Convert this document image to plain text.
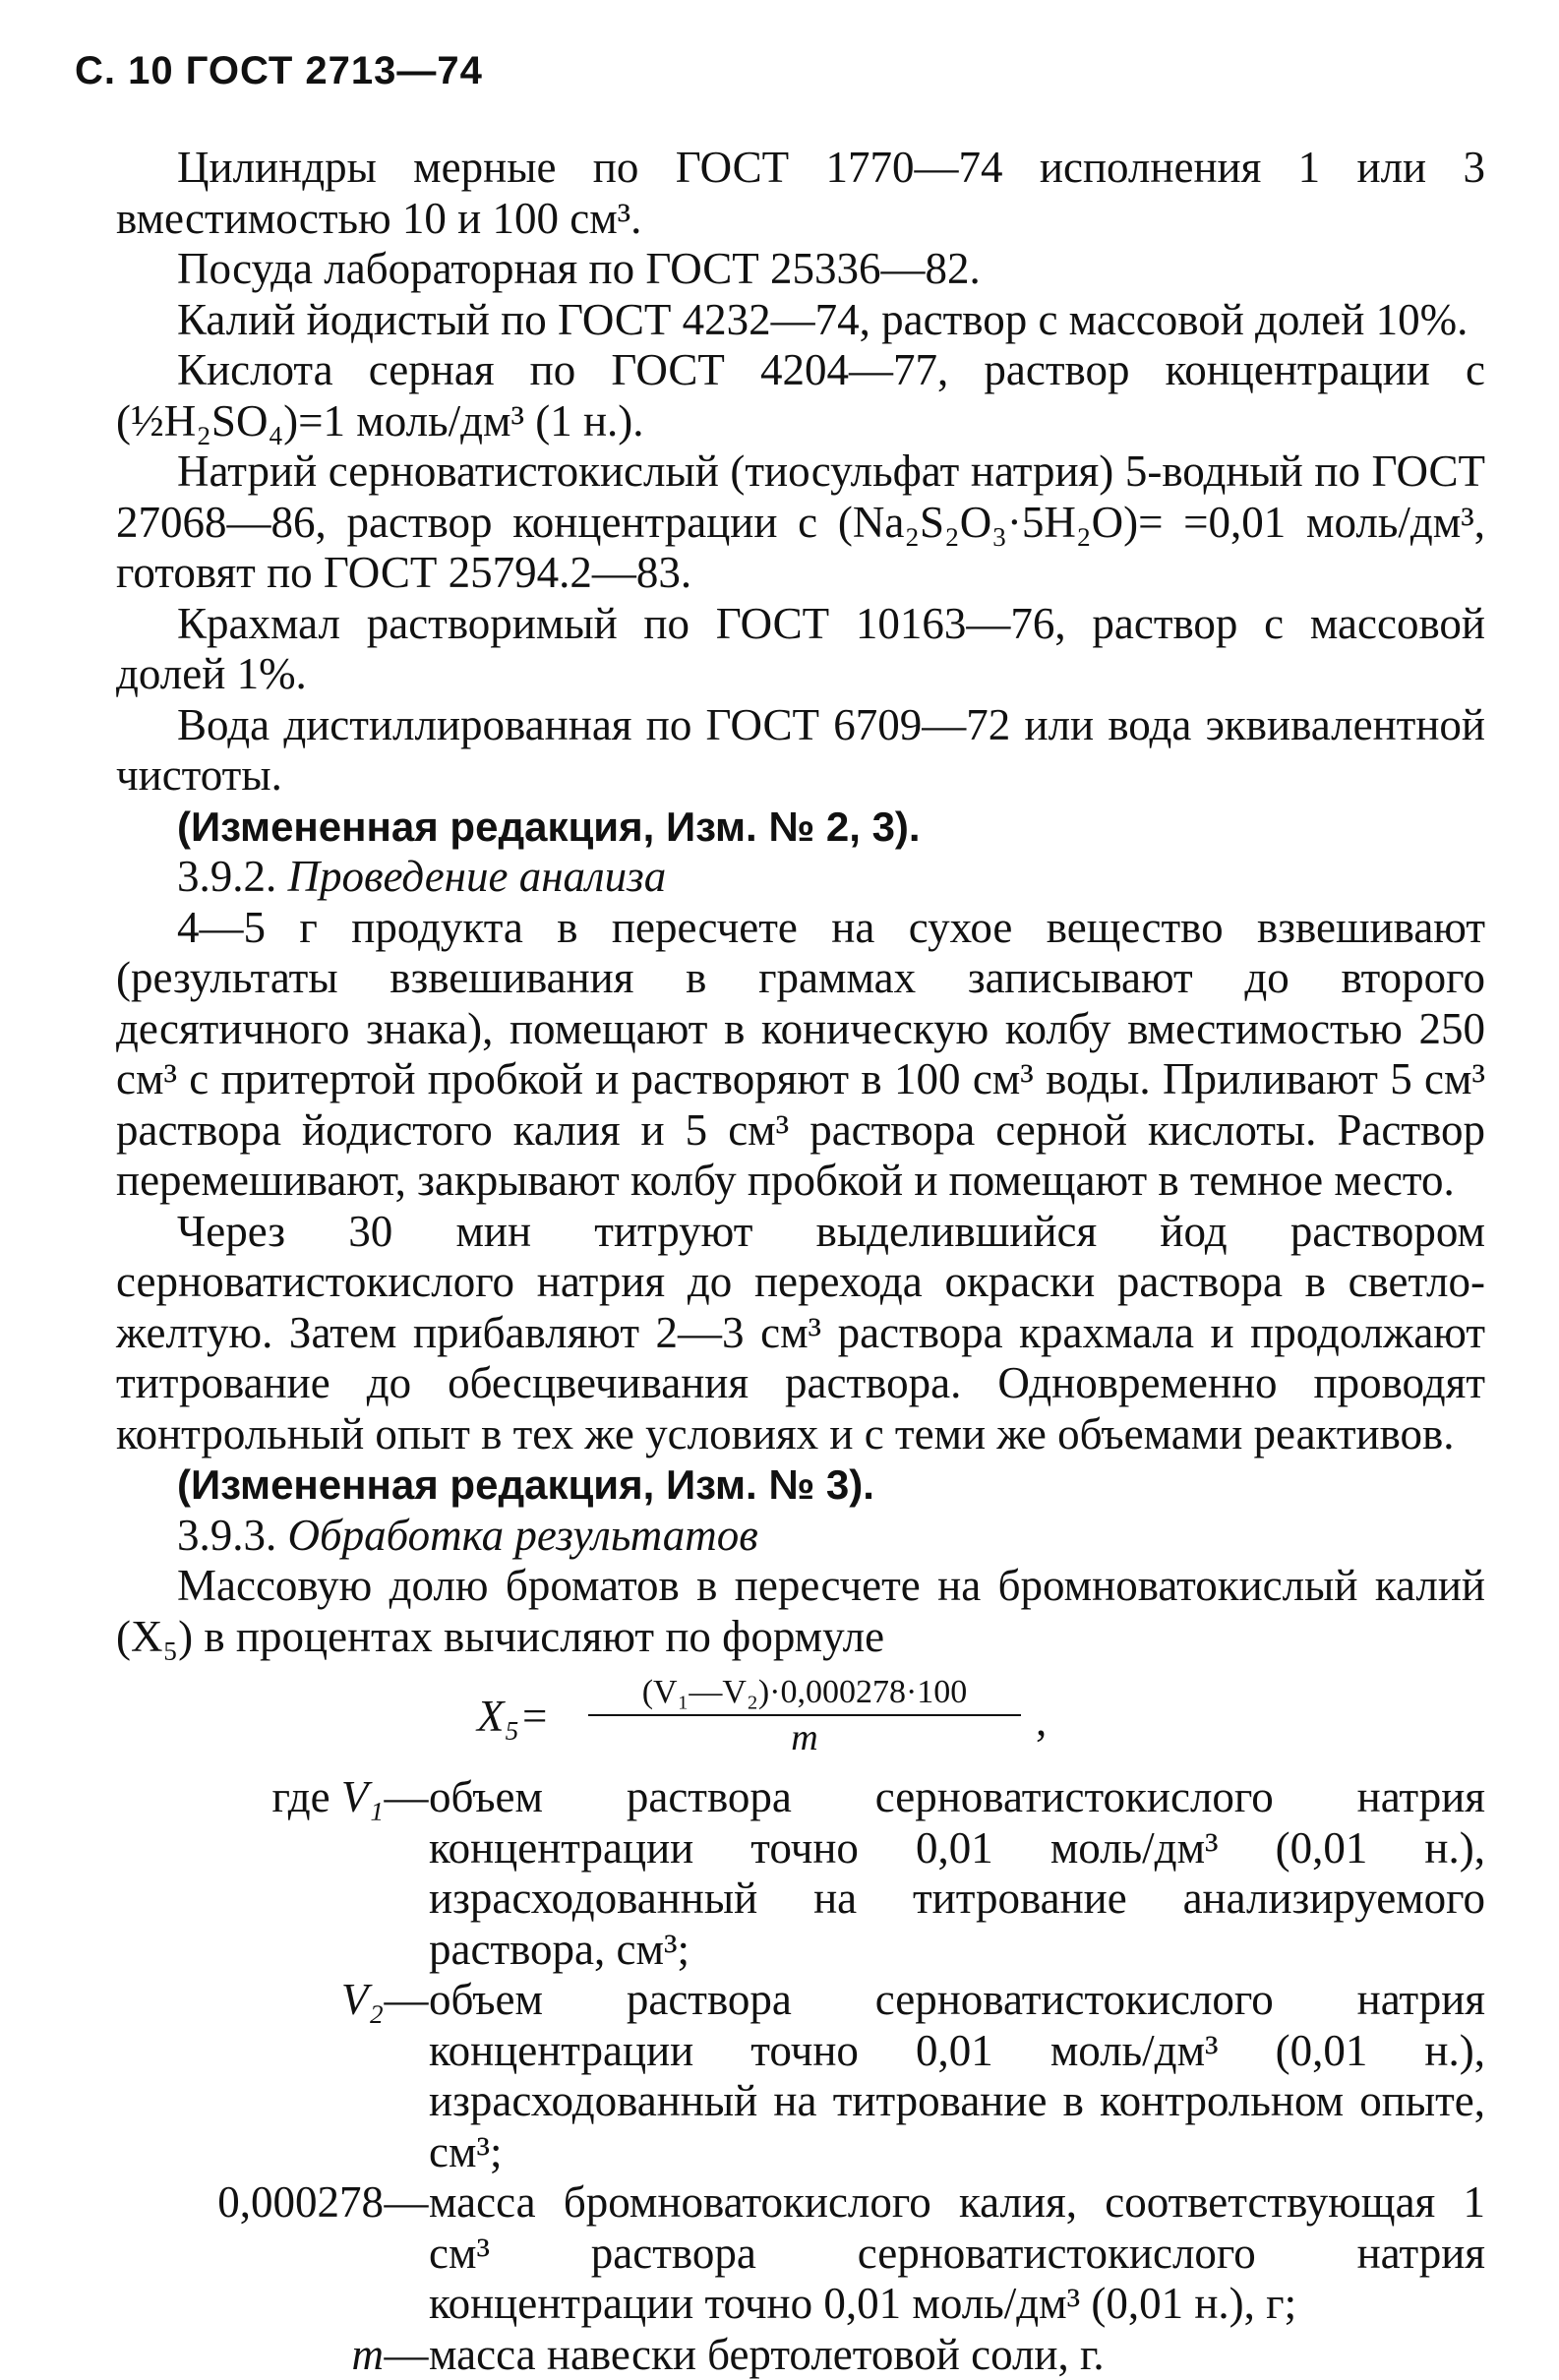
С. 10 ГОСТ 2713—74

Цилиндры мерные по ГОСТ 1770—74 исполнения 1 или 3 вместимостью 10 и 100 см³.

Посуда лабораторная по ГОСТ 25336—82.

Калий йодистый по ГОСТ 4232—74, раствор с массовой долей 10%.

Кислота серная по ГОСТ 4204—77, раствор концентрации с (½H₂SO₄)=1 моль/дм³ (1 н.).

Натрий серноватистокислый (тиосульфат натрия) 5-водный по ГОСТ 27068—86, раствор концентрации с (Na₂S₂O₃·5H₂O)= =0,01 моль/дм³, готовят по ГОСТ 25794.2—83.

Крахмал растворимый по ГОСТ 10163—76, раствор с массовой долей 1%.

Вода дистиллированная по ГОСТ 6709—72 или вода эквивалентной чистоты.

(Измененная редакция, Изм. № 2, 3).

3.9.2. Проведение анализа

4—5 г продукта в пересчете на сухое вещество взвешивают (результаты взвешивания в граммах записывают до второго десятичного знака), помещают в коническую колбу вместимостью 250 см³ с притертой пробкой и растворяют в 100 см³ воды. Приливают 5 см³ раствора йодистого калия и 5 см³ раствора серной кислоты. Раствор перемешивают, закрывают колбу пробкой и помещают в темное место.

Через 30 мин титруют выделившийся йод раствором серноватистокислого натрия до перехода окраски раствора в светло-желтую. Затем прибавляют 2—3 см³ раствора крахмала и продолжают титрование до обесцвечивания раствора. Одновременно проводят контрольный опыт в тех же условиях и с теми же объемами реактивов.

(Измененная редакция, Изм. № 3).

3.9.3. Обработка результатов

Массовую долю броматов в пересчете на бромноватокислый калий (X₅) в процентах вычисляют по формуле

$X_5= \frac{\text{(V₁—V₂)·0,000278·100}}{m}$ ,
где V₁ — объем раствора серноватистокислого натрия концентрации точно 0,01 моль/дм³ (0,01 н.), израсходованный на титрование анализируемого раствора, см³;
V₂ — объем раствора серноватистокислого натрия концентрации точно 0,01 моль/дм³ (0,01 н.), израсходованный на титрование в контрольном опыте, см³;
0,000278 — масса бромноватокислого калия, соответствующая 1 см³ раствора серноватистокислого натрия концентрации точно 0,01 моль/дм³ (0,01 н.), г;
m — масса навески бертолетовой соли, г.
